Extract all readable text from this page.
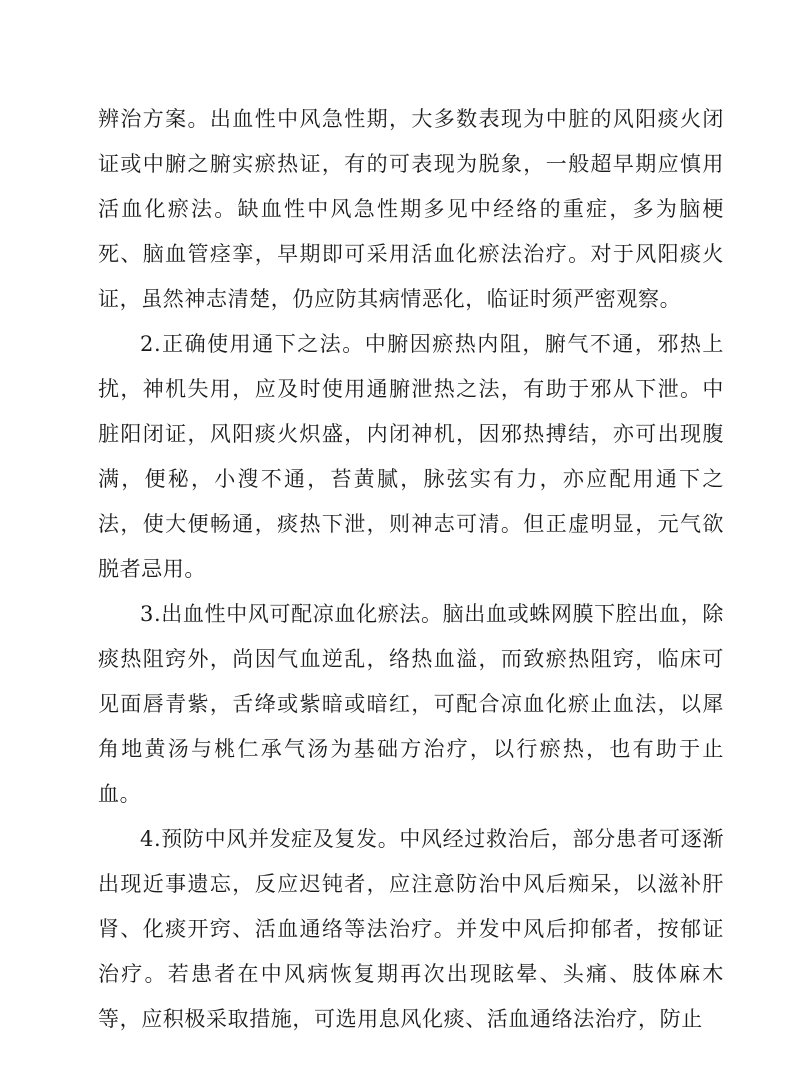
辨治方案。出血性中风急性期，大多数表现为中脏的风阳痰火闭证或中腑之腑实瘀热证，有的可表现为脱象，一般超早期应慎用活血化瘀法。缺血性中风急性期多见中经络的重症，多为脑梗死、脑血管痉挛，早期即可采用活血化瘀法治疗。对于风阳痰火证，虽然神志清楚，仍应防其病情恶化，临证时须严密观察。

2.正确使用通下之法。中腑因瘀热内阻，腑气不通，邪热上扰，神机失用，应及时使用通腑泄热之法，有助于邪从下泄。中脏阳闭证，风阳痰火炽盛，内闭神机，因邪热搏结，亦可出现腹满，便秘，小溲不通，苔黄腻，脉弦实有力，亦应配用通下之法，使大便畅通，痰热下泄，则神志可清。但正虚明显，元气欲脱者忌用。

3.出血性中风可配凉血化瘀法。脑出血或蛛网膜下腔出血，除痰热阻窍外，尚因气血逆乱，络热血溢，而致瘀热阻窍，临床可见面唇青紫，舌绛或紫暗或暗红，可配合凉血化瘀止血法，以犀角地黄汤与桃仁承气汤为基础方治疗，以行瘀热，也有助于止血。

4.预防中风并发症及复发。中风经过救治后，部分患者可逐渐出现近事遗忘，反应迟钝者，应注意防治中风后痴呆，以滋补肝肾、化痰开窍、活血通络等法治疗。并发中风后抑郁者，按郁证治疗。若患者在中风病恢复期再次出现眩晕、头痛、肢体麻木等，应积极采取措施，可选用息风化痰、活血通络法治疗，防止
